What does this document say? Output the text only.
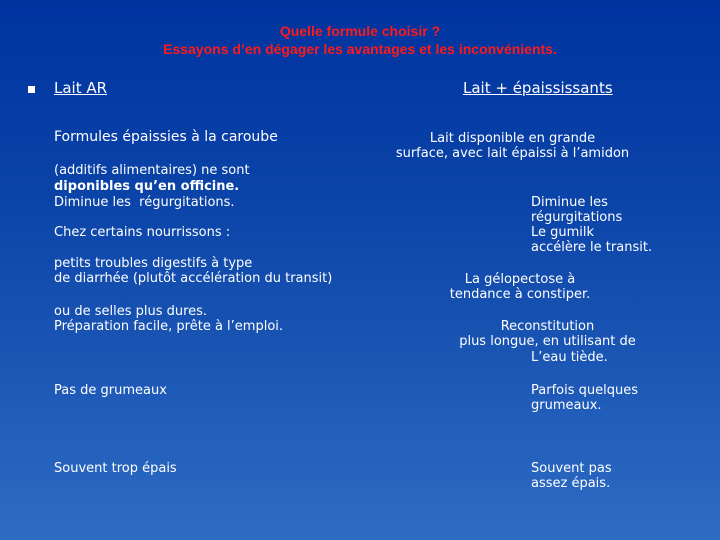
Quelle formule choisir ?
Essayons d’en dégager les avantages et les inconvénients.
Lait AR	Lait + épaississants
Formules épaissies à la caroube
(additifs alimentaires) ne sont
diponibles qu’en officine.
Diminue les  régurgitations.
Chez certains nourrissons :
petits troubles digestifs à type
de diarrhée (plutôt accélération du transit)
ou de selles plus dures.
Préparation facile, prête à l’emploi.
Pas de grumeaux
Souvent trop épais
Lait disponible en grande
surface, avec lait épaissi à l’amidon
Diminue les
régurgitations
Le gumilk
accélère le transit.
La gélopectose à
tendance à constiper.
Reconstitution
plus longue, en utilisant de
L’eau tiède.
Parfois quelques
grumeaux.
Souvent pas
assez épais.
